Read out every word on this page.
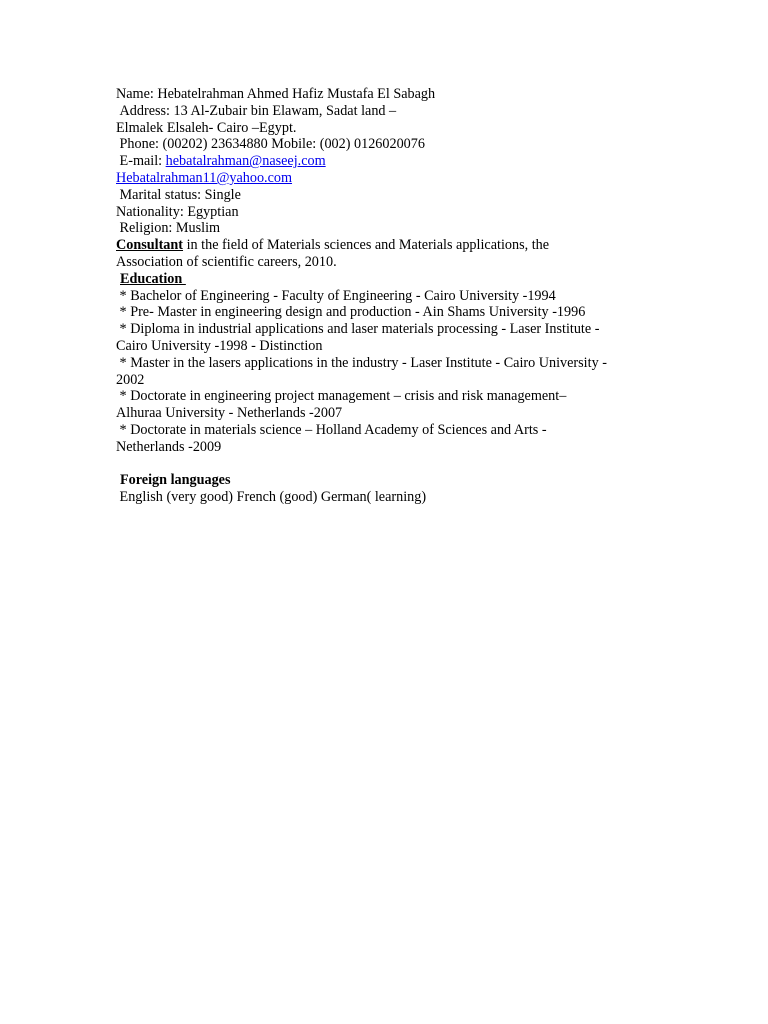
Name: Hebatelrahman Ahmed Hafiz Mustafa El Sabagh
Address: 13 Al-Zubair bin Elawam, Sadat land –
Elmalek Elsaleh- Cairo –Egypt.
Phone: (00202) 23634880 Mobile: (002) 0126020076
E-mail: hebatalrahman@naseej.com
Hebatalrahman11@yahoo.com
Marital status: Single
Nationality: Egyptian
Religion: Muslim
Consultant in the field of Materials sciences and Materials applications, the
Association of scientific careers, 2010.
Education
* Bachelor of Engineering - Faculty of Engineering - Cairo University -1994
* Pre- Master in engineering design and production - Ain Shams University -1996
* Diploma in industrial applications and laser materials processing - Laser Institute -
Cairo University -1998 - Distinction
* Master in the lasers applications in the industry - Laser Institute - Cairo University -
2002
* Doctorate in engineering project management – crisis and risk management–
Alhuraa University - Netherlands -2007
* Doctorate in materials science – Holland Academy of Sciences and Arts -
Netherlands -2009
Foreign languages
English (very good) French (good) German( learning)
